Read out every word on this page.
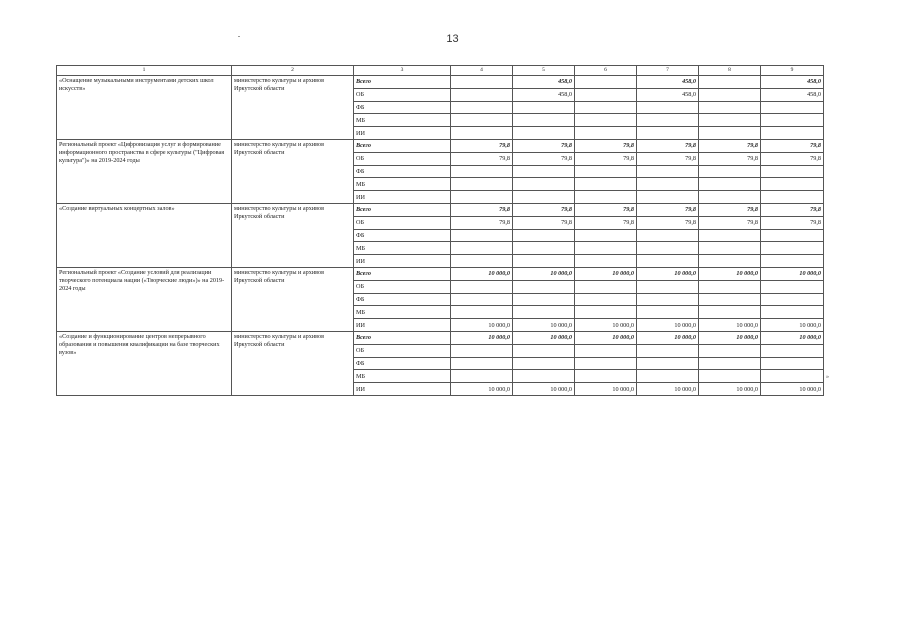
13
1	2	3	4	5	6	7	8	9
«Оснащение музыкальными инструментами детских школ искусств»	министерство культуры и архивов Иркутской области	Всего		458,0		458,0		458,0
		ОБ		458,0		458,0		458,0
		ФБ						
		МБ						
		ИИ						
Региональный проект «Цифровизация услуг и формирование информационного пространства в сфере культуры ("Цифровая культура")» на 2019-2024 годы	министерство культуры и архивов Иркутской области	Всего	79,8	79,8	79,8	79,8	79,8	79,8
		ОБ	79,8	79,8	79,8	79,8	79,8	79,8
		ФБ						
		МБ						
		ИИ						
«Создание виртуальных концертных залов»	министерство культуры и архивов Иркутской области	Всего	79,8	79,8	79,8	79,8	79,8	79,8
		ОБ	79,8	79,8	79,8	79,8	79,8	79,8
		ФБ						
		МБ						
		ИИ						
Региональный проект «Создание условий для реализации творческого потенциала нации («Творческие люди»)» на 2019-2024 годы	министерство культуры и архивов Иркутской области	Всего	10 000,0	10 000,0	10 000,0	10 000,0	10 000,0	10 000,0
		ОБ						
		ФБ						
		МБ						
		ИИ	10 000,0	10 000,0	10 000,0	10 000,0	10 000,0	10 000,0
«Создание и функционирование центров непрерывного образования и повышения квалификации на базе творческих вузов»	министерство культуры и архивов Иркутской области	Всего	10 000,0	10 000,0	10 000,0	10 000,0	10 000,0	10 000,0
		ОБ						
		ФБ						
		МБ						
		ИИ	10 000,0	10 000,0	10 000,0	10 000,0	10 000,0	10 000,0
»
